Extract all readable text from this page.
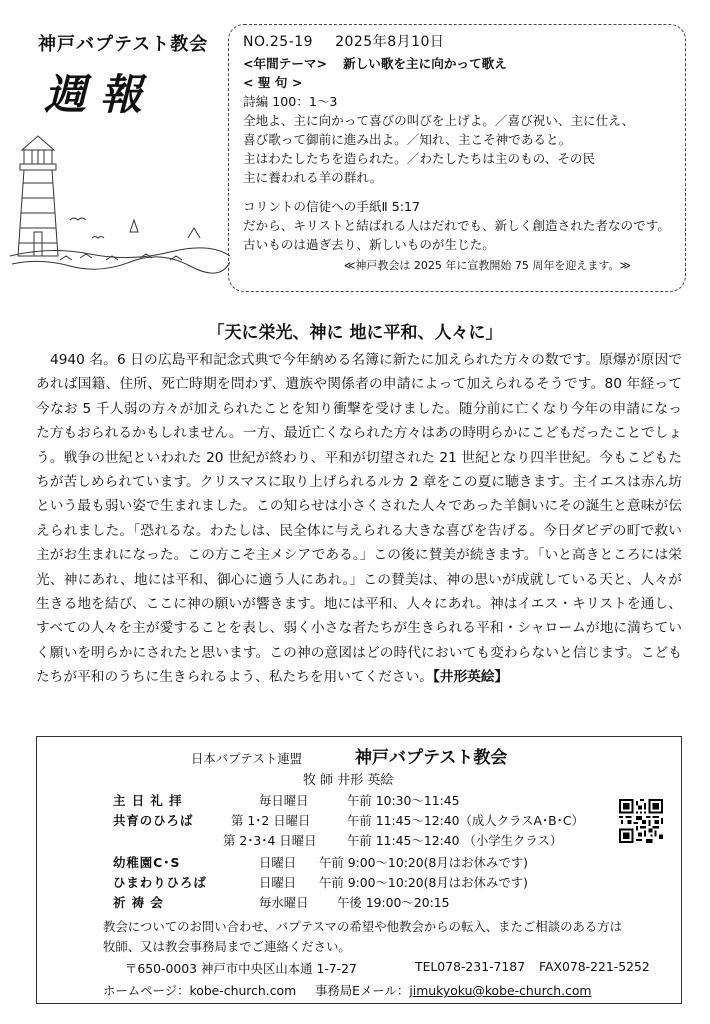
神戸バプテスト教会
週報
NO.25-19 2025年8月10日
<年間テーマ> 新しい歌を主に向かって歌え
< 聖 句 >
詩編 100：1～3
全地よ、主に向かって喜びの叫びを上げよ。／喜び祝い、主に仕え、
喜び歌って御前に進み出よ。／知れ、主こそ神であると。
主はわたしたちを造られた。／わたしたちは主のもの、その民
主に養われる羊の群れ。
コリントの信徒への手紙Ⅱ 5:17
だから、キリストと結ばれる人はだれでも、新しく創造された者なのです。
古いものは過ぎ去り、新しいものが生じた。
≪神戸教会は 2025 年に宣教開始 75 周年を迎えます。≫
「天に栄光、神に 地に平和、人々に」

4940 名。6 日の広島平和記念式典で今年納める名簿に新たに加えられた方々の数です。原爆が原因であれば国籍、住所、死亡時期を問わず、遺族や関係者の申請によって加えられるそうです。80 年経って今なお 5 千人弱の方々が加えられたことを知り衝撃を受けました。随分前に亡くなり今年の申請になった方もおられるかもしれません。一方、最近亡くなられた方々はあの時明らかにこどもだったことでしょう。戦争の世紀といわれた 20 世紀が終わり、平和が切望された 21 世紀となり四半世紀。今もこどもたちが苦しめられています。クリスマスに取り上げられるルカ 2 章をこの夏に聴きます。主イエスは赤ん坊という最も弱い姿で生まれました。この知らせは小さくされた人々であった羊飼いにその誕生と意味が伝えられました。「恐れるな。わたしは、民全体に与えられる大きな喜びを告げる。今日ダビデの町で救い主がお生まれになった。この方こそ主メシアである。」この後に賛美が続きます。「いと高きところには栄光、神にあれ、地には平和、御心に適う人にあれ。」この賛美は、神の思いが成就している天と、人々が生きる地を結び、ここに神の願いが響きます。地には平和、人々にあれ。神はイエス・キリストを通し、すべての人々を主が愛することを表し、弱く小さな者たちが生きられる平和・シャロームが地に満ちていく願いを明らかにされたと思います。この神の意図はどの時代においても変わらないと信じます。こどもたちが平和のうちに生きられるよう、私たちを用いてください。【井形英絵】

日本バプテスト連盟	神戸バプテスト教会
牧 師 井形 英絵
主 日 礼 拝	毎日曜日	午前 10:30～11:45
共育のひろば	第 1･2 日曜日	午前 11:45～12:40（成人クラスA･B･C）
第 2･3･4 日曜日 午前 11:45～12:40 （小学生クラス）
幼稚園C･S	日曜日 午前 9:00～10:20(8月はお休みです)
ひまわりひろば	日曜日 午前 9:00～10:20(8月はお休みです)
祈 祷 会	毎水曜日 午後 19:00～20:15
教会についてのお問い合わせ、バプテスマの希望や他教会からの転入、またご相談のある方は
牧師、又は教会事務局までご連絡ください。
〒650-0003 神戸市中央区山本通 1-7-27	TEL078-231-7187 FAX078-221-5252
ホームページ：kobe-church.com 事務局Eメール：jimukyoku@kobe-church.com
